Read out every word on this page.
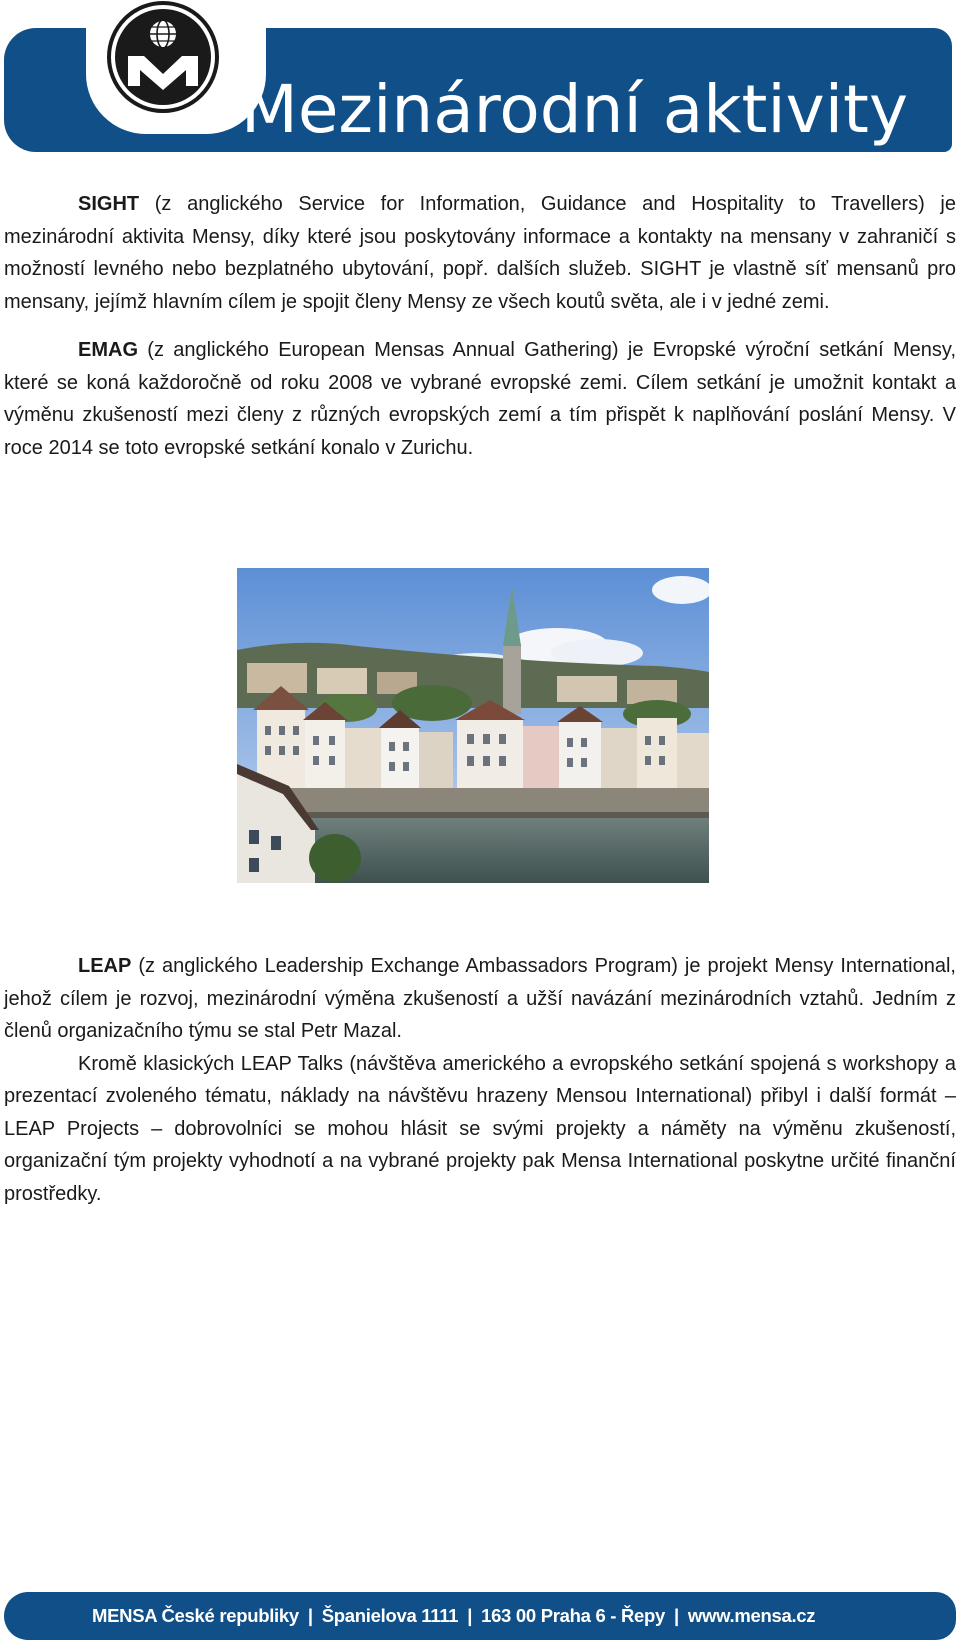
Mezinárodní aktivity

SIGHT (z anglického Service for Information, Guidance and Hospitality to Travellers) je mezinárodní aktivita Mensy, díky které jsou poskytovány informace a kontakty na mensany v zahraničí s možností levného nebo bezplatného ubytování, popř. dalších služeb. SIGHT je vlastně síť mensanů pro mensany, jejímž hlavním cílem je spojit členy Mensy ze všech koutů světa, ale i v jedné zemi.

EMAG (z anglického European Mensas Annual Gathering) je Evropské výroční setkání Mensy, které se koná každoročně od roku 2008 ve vybrané evropské zemi. Cílem setkání je umožnit kontakt a výměnu zkušeností mezi členy z různých evropských zemí a tím přispět k naplňování poslání Mensy. V roce 2014 se toto evropské setkání konalo v Zurichu.

LEAP (z anglického Leadership Exchange Ambassadors Program) je projekt Mensy International, jehož cílem je rozvoj, mezinárodní výměna zkušeností a užší navázání mezinárodních vztahů. Jedním z členů organizačního týmu se stal Petr Mazal.

Kromě klasických LEAP Talks (návštěva amerického a evropského setkání spojená s workshopy a prezentací zvoleného tématu, náklady na návštěvu hrazeny Mensou International) přibyl i další formát – LEAP Projects – dobrovolníci se mohou hlásit se svými projekty a náměty na výměnu zkušeností, organizační tým projekty vyhodnotí a na vybrané projekty pak Mensa International poskytne určité finanční prostředky.

MENSA České republiky | Španielova 1111 | 163 00 Praha 6 - Řepy | www.mensa.cz
